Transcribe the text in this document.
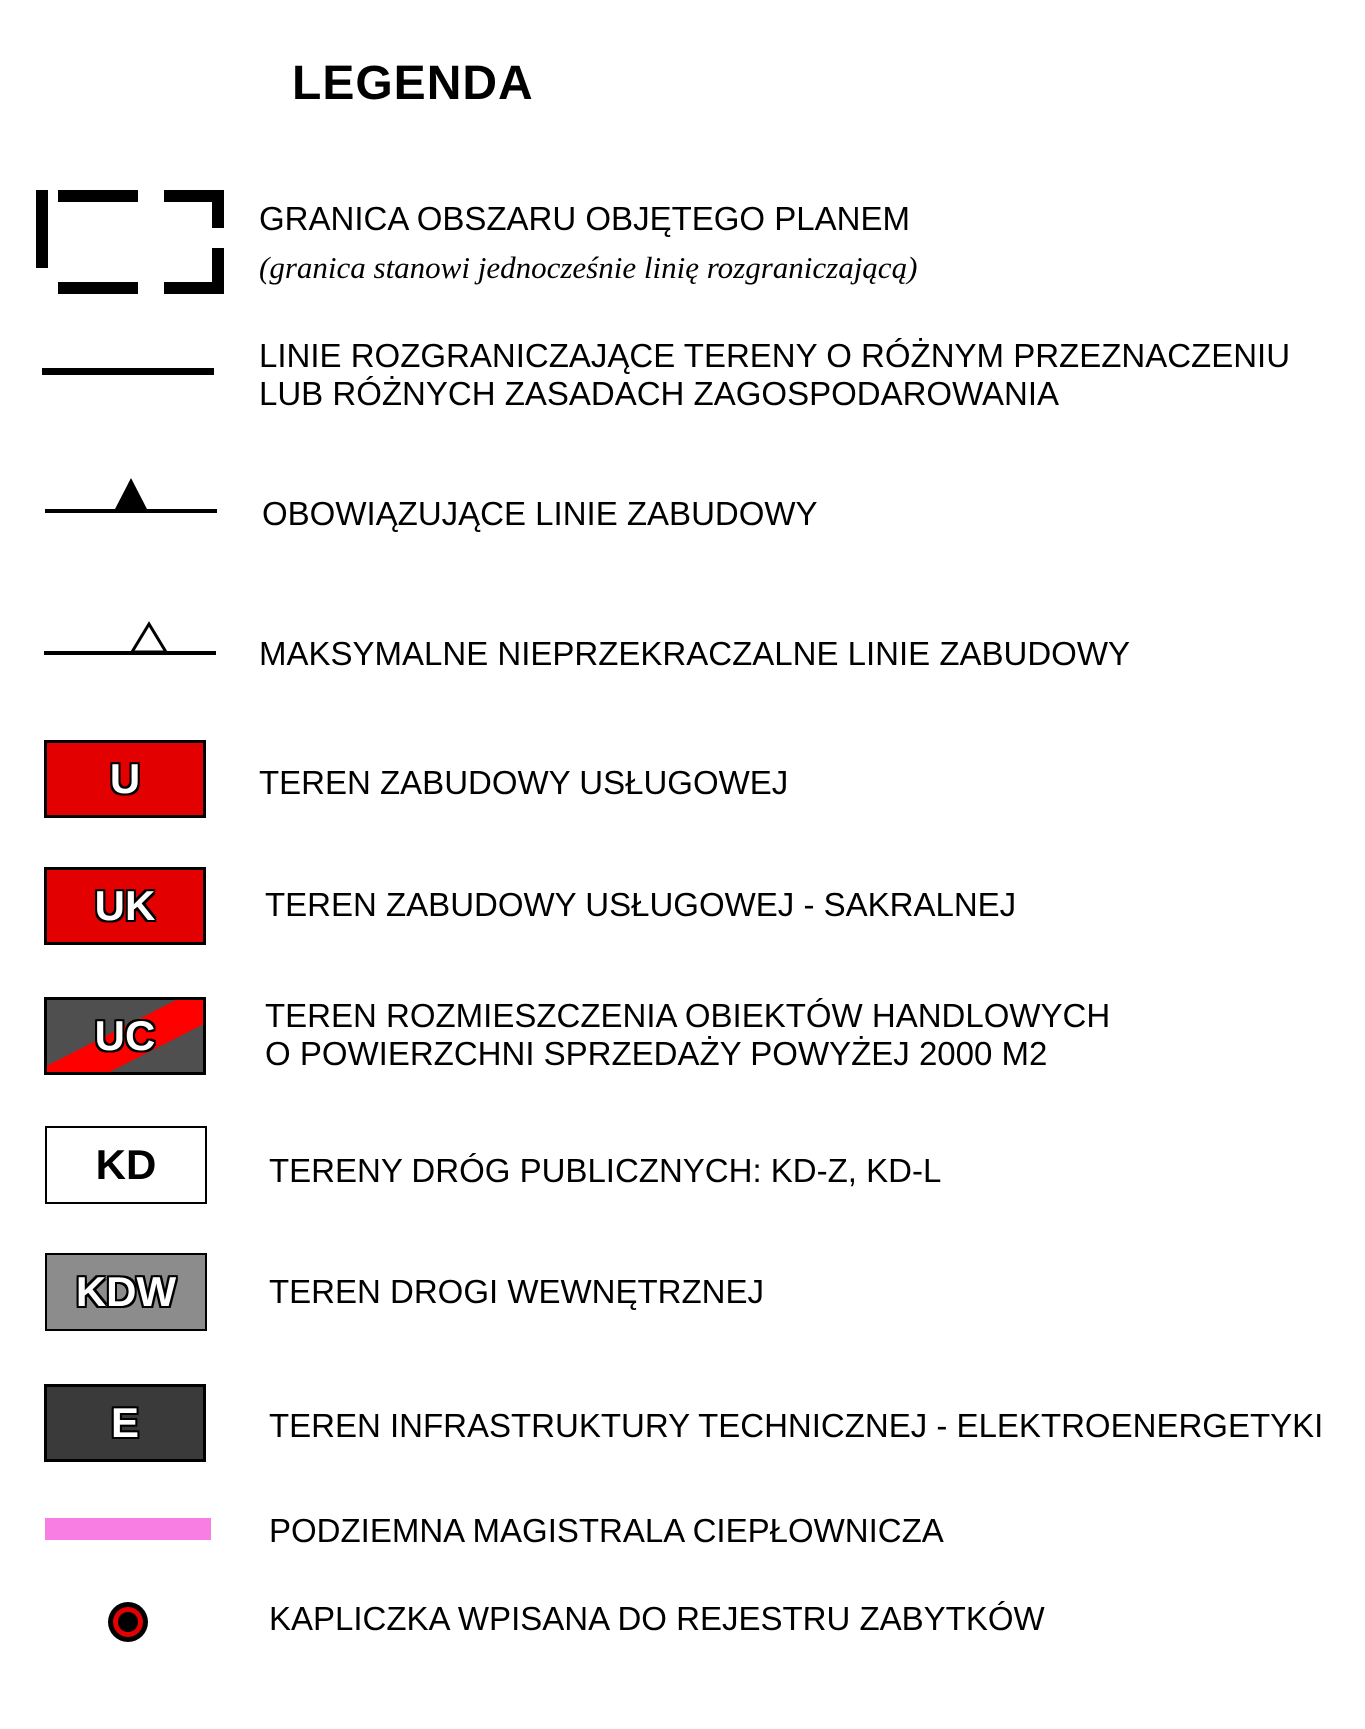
LEGENDA
GRANICA OBSZARU OBJĘTEGO PLANEM
(granica stanowi jednocześnie linię rozgraniczającą)
LINIE ROZGRANICZAJĄCE TERENY O RÓŻNYM PRZEZNACZENIU
LUB RÓŻNYCH ZASADACH ZAGOSPODAROWANIA
OBOWIĄZUJĄCE LINIE ZABUDOWY
MAKSYMALNE NIEPRZEKRACZALNE LINIE ZABUDOWY
U	TEREN ZABUDOWY USŁUGOWEJ
UK	TEREN ZABUDOWY USŁUGOWEJ - SAKRALNEJ
UC	TEREN ROZMIESZCZENIA OBIEKTÓW HANDLOWYCH
O POWIERZCHNI SPRZEDAŻY POWYŻEJ 2000 M2
KD	TERENY DRÓG PUBLICZNYCH: KD-Z, KD-L
KDW	TEREN DROGI WEWNĘTRZNEJ
E	TEREN INFRASTRUKTURY TECHNICZNEJ - ELEKTROENERGETYKI
PODZIEMNA MAGISTRALA CIEPŁOWNICZA
KAPLICZKA WPISANA DO REJESTRU ZABYTKÓW
